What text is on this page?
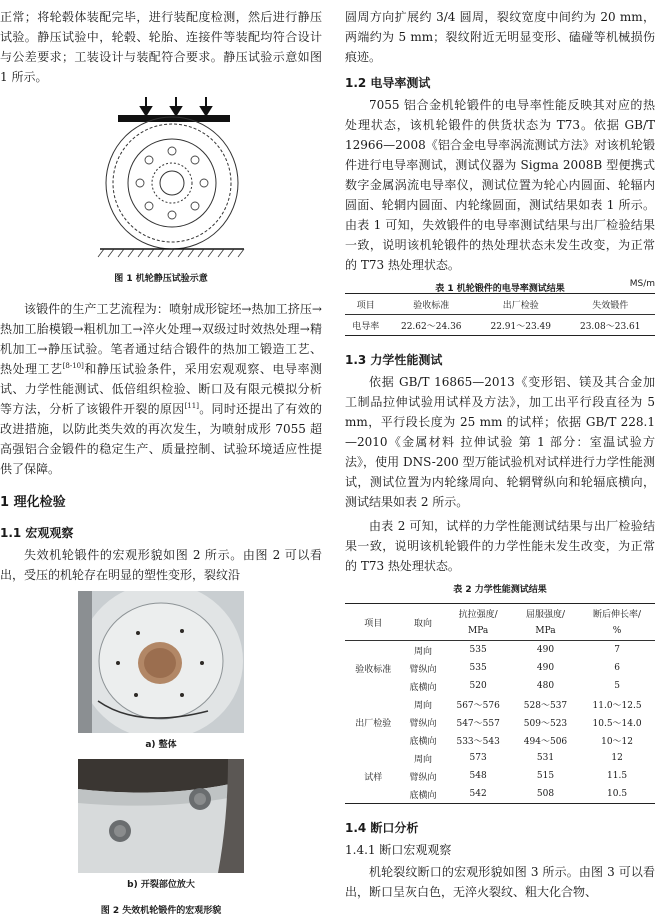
正常；将轮毂体装配完毕，进行装配度检测，然后进行静压试验。静压试验中，轮毂、轮胎、连接件等装配均符合设计与公差要求；工装设计与装配符合要求。静压试验示意如图 1 所示。

图 1 机轮静压试验示意

该锻件的生产工艺流程为：喷射成形锭坯→热加工挤压→热加工胎模锻→粗机加工→淬火处理→双级过时效热处理→精机加工→静压试验。笔者通过结合锻件的热加工锻造工艺、热处理工艺[8-10]和静压试验条件，采用宏观观察、电导率测试、力学性能测试、低倍组织检验、断口及有限元模拟分析等方法，分析了该锻件开裂的原因[11]。同时还提出了有效的改进措施，以防此类失效的再次发生，为喷射成形 7055 超高强铝合金锻件的稳定生产、质量控制、试验环境适应性提供了保障。

1 理化检验

1.1 宏观观察

失效机轮锻件的宏观形貌如图 2 所示。由图 2 可以看出，受压的机轮存在明显的塑性变形，裂纹沿

a) 整体

b) 开裂部位放大

图 2 失效机轮锻件的宏观形貌

圆周方向扩展约 3/4 圆周，裂纹宽度中间约为 20 mm，两端约为 5 mm；裂纹附近无明显变形、磕碰等机械损伤痕迹。

1.2 电导率测试

7055 铝合金机轮锻件的电导率性能反映其对应的热处理状态，该机轮锻件的供货状态为 T73。依据 GB/T 12966—2008《铝合金电导率涡流测试方法》对该机轮锻件进行电导率测试，测试仪器为 Sigma 2008B 型便携式数字金属涡流电导率仪，测试位置为轮心内圆面、轮辐内圆面、轮辋内圆面、内轮缘圆面，测试结果如表 1 所示。由表 1 可知，失效锻件的电导率测试结果与出厂检验结果一致，说明该机轮锻件的热处理状态未发生改变，为正常的 T73 热处理状态。

表 1 机轮锻件的电导率测试结果	MS/m
项目	验收标准	出厂检验	失效锻件
电导率	22.62～24.36	22.91～23.49	23.08～23.61

1.3 力学性能测试

依据 GB/T 16865—2013《变形铝、镁及其合金加工制品拉伸试验用试样及方法》，加工出平行段直径为 5 mm，平行段长度为 25 mm 的试样；依据 GB/T 228.1—2010《金属材料 拉伸试验 第 1 部分：室温试验方法》，使用 DNS-200 型万能试验机对试样进行力学性能测试，测试位置为内轮缘周向、轮辋臂纵向和轮辐底横向，测试结果如表 2 所示。

由表 2 可知，试样的力学性能测试结果与出厂检验结果一致，说明该机轮锻件的力学性能未发生改变，为正常的 T73 热处理状态。

表 2 力学性能测试结果

项目	取向	抗拉强度/	屈服强度/	断后伸长率/
		MPa	MPa	%
验收标准	周向	535	490	7
	臂纵向	535	490	6
	底横向	520	480	5
出厂检验	周向	567～576	528～537	11.0～12.5
	臂纵向	547～557	509～523	10.5～14.0
	底横向	533～543	494～506	10～12
试样	周向	573	531	12
	臂纵向	548	515	11.5
	底横向	542	508	10.5

1.4 断口分析

1.4.1 断口宏观观察

机轮裂纹断口的宏观形貌如图 3 所示。由图 3 可以看出，断口呈灰白色，无淬火裂纹、粗大化合物、
